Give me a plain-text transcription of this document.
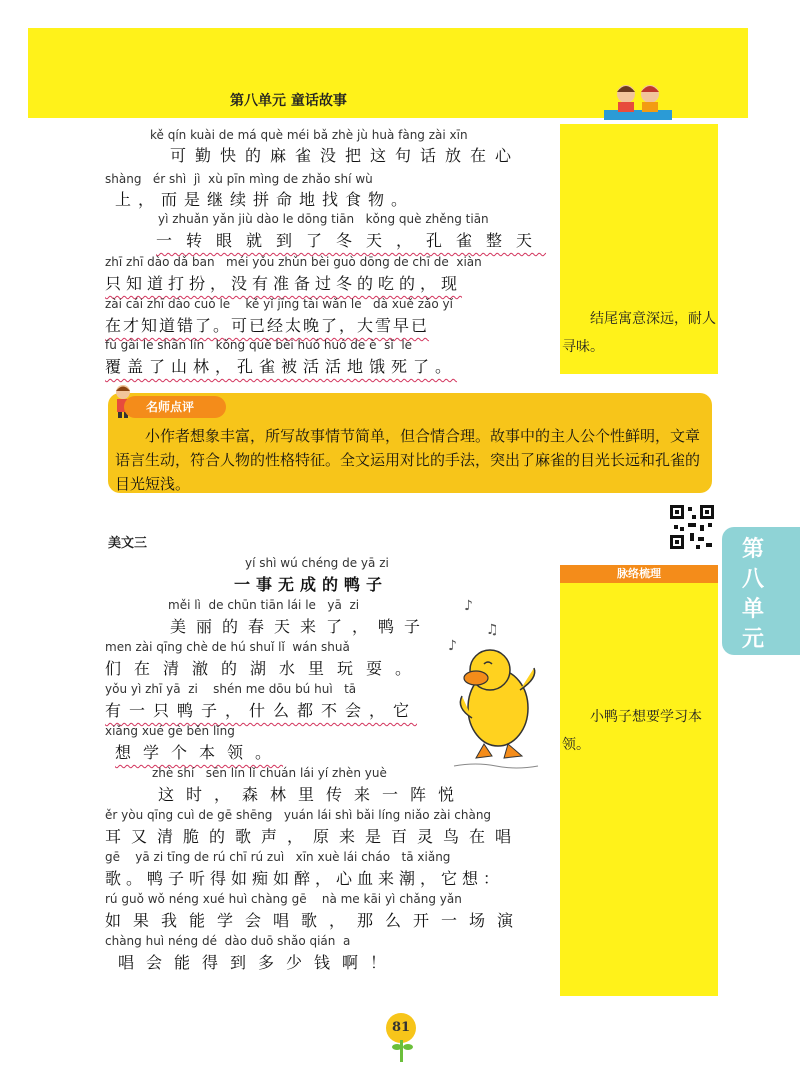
第八单元 童话故事
结尾寓意深远，耐人寻味。
kě qín kuài de má què méi bǎ zhè jù huà fàng zài xīn
可勤快的麻雀没把这句话放在心
shàng   ér shì  jì  xù pīn mìng de zhǎo shí wù
上，而是继续拼命地找食物。
yì zhuǎn yǎn jiù dào le dōng tiān   kǒng què zhěng tiān
一转眼就到了冬天，孔雀整天
zhī zhī dào dǎ ban   méi yǒu zhǔn bèi guò dōng de chī de  xiàn
只知道打扮，没有准备过冬的吃的，现
zài cái zhī dào cuò le    kě yǐ jīng tài wǎn le   dà xuě zǎo yǐ
在才知道错了。可已经太晚了，大雪早已
fù gài le shān lín   kǒng què bèi huó huó de è  sǐ  le
覆盖了山林，孔雀被活活地饿死了。
名师点评
小作者想象丰富，所写故事情节简单，但合情合理。故事中的主人公个性鲜明，文章语言生动，符合人物的性格特征。全文运用对比的手法，突出了麻雀的目光长远和孔雀的目光短浅。
第八单元
美文三
脉络梳理
小鸭子想要学习本领。
yí shì wú chéng de yā zi
一事无成的鸭子
měi lì  de chūn tiān lái le   yā  zi
美丽的春天来了，鸭子
men zài qīng chè de hú shuǐ lǐ  wán shuǎ
们在清澈的湖水里玩耍。
yǒu yì zhī yā  zi    shén me dōu bú huì   tā
有一只鸭子，什么都不会，它
xiǎng xué gè běn lǐng
想学个本领。
zhè shí   sēn lín lǐ chuán lái yí zhèn yuè
这时，森林里传来一阵悦
ěr yòu qīng cuì de gē shēng   yuán lái shì bǎi líng niǎo zài chàng
耳又清脆的歌声，原来是百灵鸟在唱
gē    yā zi tīng de rú chī rú zuì   xīn xuè lái cháo   tā xiǎng
歌。鸭子听得如痴如醉，心血来潮，它想：
rú guǒ wǒ néng xué huì chàng gē    nà me kāi yì chǎng yǎn
如果我能学会唱歌，那么开一场演
chàng huì néng dé  dào duō shǎo qián  a
唱会能得到多少钱啊！
♪
♫
♪
81
